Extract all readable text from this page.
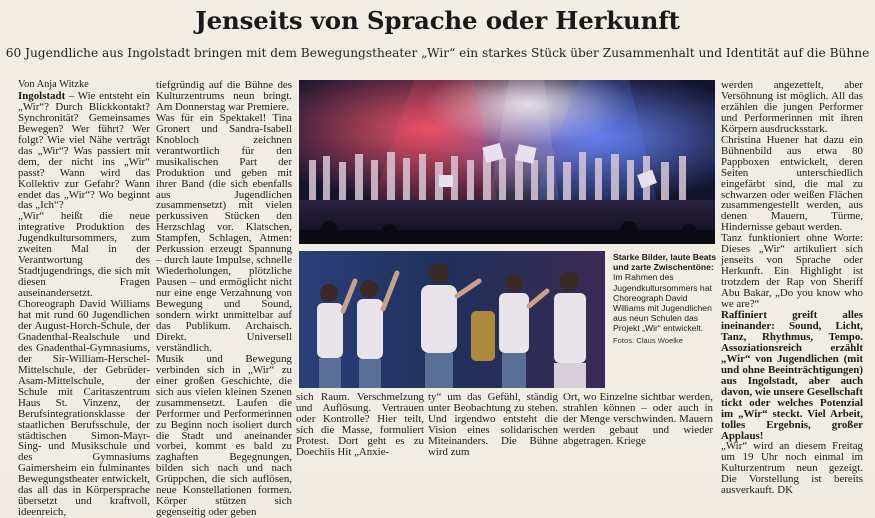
Jenseits von Sprache oder Herkunft
60 Jugendliche aus Ingolstadt bringen mit dem Bewegungstheater „Wir“ ein starkes Stück über Zusammenhalt und Identität auf die Bühne

Von Anja Witzke

Ingolstadt – Wie entsteht ein „Wir“? Durch Blickkontakt? Synchronität? Gemeinsames Bewegen? Wer führt? Wer folgt? Wie viel Nähe verträgt das „Wir“? Was passiert mit dem, der nicht ins „Wir“ passt? Wann wird das Kollektiv zur Gefahr? Wann endet das „Wir“? Wo beginnt das „Ich“?

„Wir“ heißt die neue integrative Produktion des Jugendkultursommers, zum zweiten Mal in der Verantwortung des Stadtjugendrings, die sich mit diesen Fragen auseinandersetzt. Choreograph David Williams hat mit rund 60 Jugendlichen der August-Horch-Schule, der Gnadenthal-Realschule und des Gnadenthal-Gymnasiums, der Sir-William-Herschel-Mittelschule, der Gebrüder-Asam-Mittelschule, der Schule mit Caritaszentrum Haus St. Vinzenz, der Berufsintegrationsklasse der staatlichen Berufsschule, der städtischen Simon-Mayr-Sing- und Musikschule und des Gymnasiums Gaimersheim ein fulminantes Bewegungstheater entwickelt, das all das in Körpersprache übersetzt und kraftvoll, ideenreich,

tiefgründig auf die Bühne des Kulturzentrums neun bringt. Am Donnerstag war Premiere.

Was für ein Spektakel! Tina Gronert und Sandra-Isabell Knobloch zeichnen verantwortlich für den musikalischen Part der Produktion und geben mit ihrer Band (die sich ebenfalls aus Jugendlichen zusammensetzt) mit vielen perkussiven Stücken den Herzschlag vor. Klatschen, Stampfen, Schlagen, Atmen: Perkussion erzeugt Spannung – durch laute Impulse, schnelle Wiederholungen, plötzliche Pausen – und ermöglicht nicht nur eine enge Verzahnung von Bewegung und Sound, sondern wirkt unmittelbar auf das Publikum. Archaisch. Direkt. Universell verständlich.

Musik und Bewegung verbinden sich in „Wir“ zu einer großen Geschichte, die sich aus vielen kleinen Szenen zusammensetzt. Laufen die Performer und Performerinnen zu Beginn noch isoliert durch die Stadt und aneinander vorbei, kommt es bald zu zaghaften Begegnungen, bilden sich nach und nach Grüppchen, die sich auflösen, neue Konstellationen formen. Körper stützen sich gegenseitig oder geben

Starke Bilder, laute Beats und zarte Zwischentöne: Im Rahmen des Jugendkultursommers hat Choreograph David Williams mit Jugendlichen aus neun Schulen das Projekt „Wir“ entwickelt.
Fotos: Claus Woelke

sich Raum. Verschmelzung und Auflösung. Vertrauen oder Kontrolle? Hier teilt, sich die Masse, formuliert Protest. Dort geht es zu Doechiis Hit „Anxie-

ty“ um das Gefühl, ständig unter Beobachtung zu stehen. Und irgendwo entsteht die Vision eines solidarischen Miteinanders. Die Bühne wird zum

Ort, wo Einzelne sichtbar werden, strahlen können – oder auch in der Menge verschwinden. Mauern werden gebaut und wieder abgetragen. Kriege

werden angezettelt, aber Versöhnung ist möglich. All das erzählen die jungen Performer und Performerinnen mit ihren Körpern ausdrucksstark.

Christina Huener hat dazu ein Bühnenbild aus etwa 80 Pappboxen entwickelt, deren Seiten unterschiedlich eingefärbt sind, die mal zu schwarzen oder weißen Flächen zusammengestellt werden, aus denen Mauern, Türme, Hindernisse gebaut werden.

Tanz funktioniert ohne Worte: Dieses „Wir“ artikuliert sich jenseits von Sprache oder Herkunft. Ein Highlight ist trotzdem der Rap von Sheriff Abu Bakar, „Do you know who we are?“

Raffiniert greift alles ineinander: Sound, Licht, Tanz, Rhythmus, Tempo. Assoziationsreich erzählt „Wir“ von Jugendlichen (mit und ohne Beeinträchtigungen) aus Ingolstadt, aber auch davon, wie unsere Gesellschaft tickt oder welches Potenzial im „Wir“ steckt. Viel Arbeit, tolles Ergebnis, großer Applaus!

„Wir“ wird an diesem Freitag um 19 Uhr noch einmal im Kulturzentrum neun gezeigt. Die Vorstellung ist bereits ausverkauft. DK
